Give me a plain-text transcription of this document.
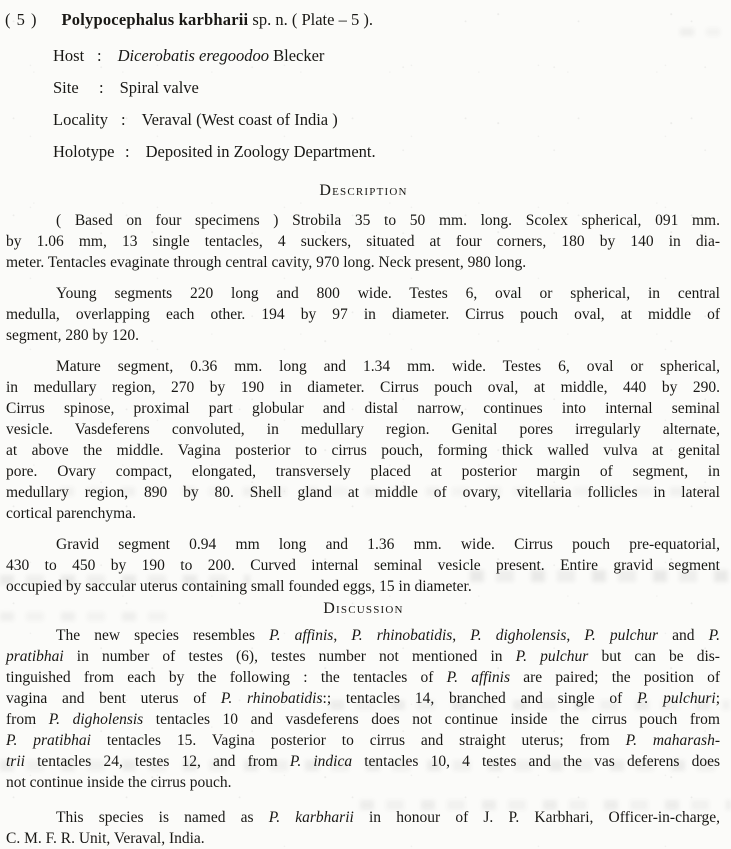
( 5 ) Polypocephalus karbharii sp. n. ( Plate – 5 ).
Host : Dicerobatis eregoodoo Blecker
Site : Spiral valve
Locality : Veraval (West coast of India )
Holotype : Deposited in Zoology Department.
Description
( Based on four specimens ) Strobila 35 to 50 mm. long. Scolex spherical, 091 mm.
by 1.06 mm, 13 single tentacles, 4 suckers, situated at four corners, 180 by 140 in dia-
meter. Tentacles evaginate through central cavity, 970 long. Neck present, 980 long.
Young segments 220 long and 800 wide. Testes 6, oval or spherical, in central
medulla, overlapping each other. 194 by 97 in diameter. Cirrus pouch oval, at middle of
segment, 280 by 120.
Mature segment, 0.36 mm. long and 1.34 mm. wide. Testes 6, oval or spherical,
in medullary region, 270 by 190 in diameter. Cirrus pouch oval, at middle, 440 by 290.
Cirrus spinose, proximal part globular and distal narrow, continues into internal seminal
vesicle. Vasdeferens convoluted, in medullary region. Genital pores irregularly alternate,
at above the middle. Vagina posterior to cirrus pouch, forming thick walled vulva at genital
pore. Ovary compact, elongated, transversely placed at posterior margin of segment, in
medullary region, 890 by 80. Shell gland at middle of ovary, vitellaria follicles in lateral
cortical parenchyma.
Gravid segment 0.94 mm long and 1.36 mm. wide. Cirrus pouch pre-equatorial,
430 to 450 by 190 to 200. Curved internal seminal vesicle present. Entire gravid segment
occupied by saccular uterus containing small founded eggs, 15 in diameter.
Discussion
The new species resembles P. affinis, P. rhinobatidis, P. digholensis, P. pulchur and P.
pratibhai in number of testes (6), testes number not mentioned in P. pulchur but can be dis-
tinguished from each by the following : the tentacles of P. affinis are paired; the position of
vagina and bent uterus of P. rhinobatidis:; tentacles 14, branched and single of P. pulchuri;
from P. digholensis tentacles 10 and vasdeferens does not continue inside the cirrus pouch from
P. pratibhai tentacles 15. Vagina posterior to cirrus and straight uterus; from P. maharash-
trii tentacles 24, testes 12, and from P. indica tentacles 10, 4 testes and the vas deferens does
not continue inside the cirrus pouch.
This species is named as P. karbharii in honour of J. P. Karbhari, Officer-in-charge,
C. M. F. R. Unit, Veraval, India.
